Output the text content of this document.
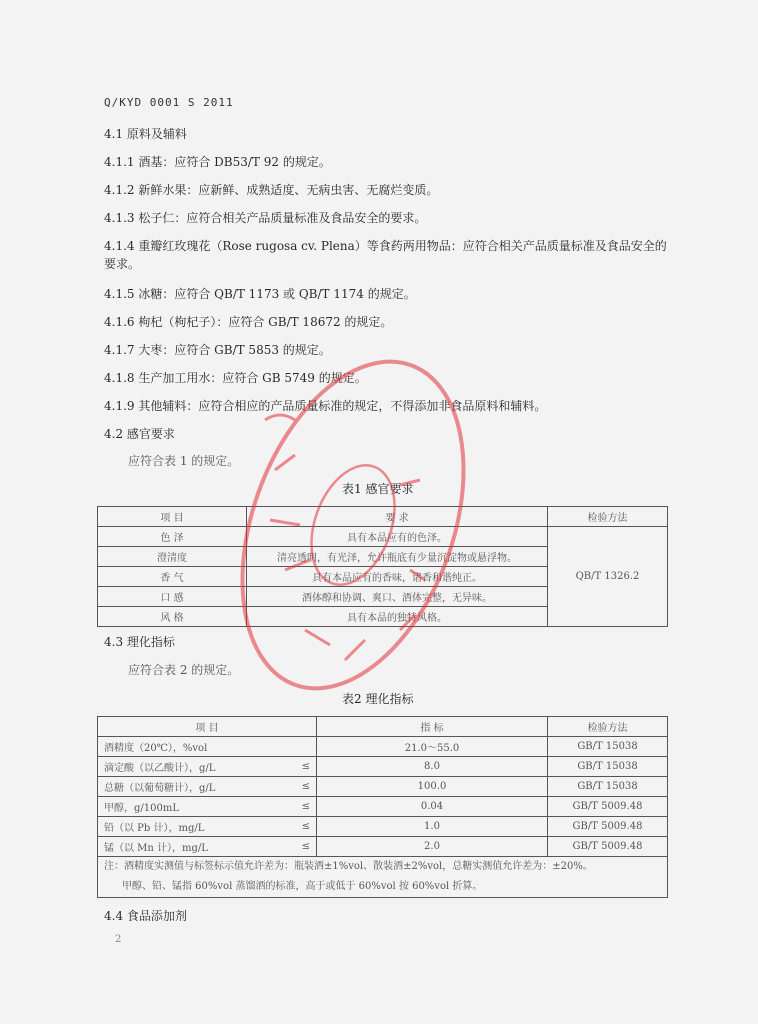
Q/KYD 0001 S 2011
4.1 原料及辅料
4.1.1 酒基：应符合 DB53/T 92 的规定。
4.1.2 新鲜水果：应新鲜、成熟适度、无病虫害、无腐烂变质。
4.1.3 松子仁：应符合相关产品质量标准及食品安全的要求。
4.1.4 重瓣红玫瑰花（Rose rugosa cv. Plena）等食药两用物品：应符合相关产品质量标准及食品安全的要求。
4.1.5 冰糖：应符合 QB/T 1173 或 QB/T 1174 的规定。
4.1.6 枸杞（枸杞子）：应符合 GB/T 18672 的规定。
4.1.7 大枣：应符合 GB/T 5853 的规定。
4.1.8 生产加工用水：应符合 GB 5749 的规定。
4.1.9 其他辅料：应符合相应的产品质量标准的规定，不得添加非食品原料和辅料。
4.2 感官要求
应符合表 1 的规定。
表1 感官要求
项 目	要 求	检验方法
色 泽	具有本品应有的色泽。	QB/T 1326.2
澄清度	清亮透明，有光泽，允许瓶底有少量沉淀物或悬浮物。	
香 气	具有本品应有的香味，诸香和谐纯正。	
口 感	酒体醇和协调、爽口、酒体完整，无异味。	
风 格	具有本品的独特风格。	
4.3 理化指标
应符合表 2 的规定。
表2 理化指标
项 目		指 标	检验方法
酒精度（20℃），%vol		21.0～55.0	GB/T 15038
滴定酸（以乙酸计），g/L	≤	8.0	GB/T 15038
总糖（以葡萄糖计），g/L	≤	100.0	GB/T 15038
甲醇，g/100mL	≤	0.04	GB/T 5009.48
铅（以 Pb 计），mg/L	≤	1.0	GB/T 5009.48
锰（以 Mn 计），mg/L	≤	2.0	GB/T 5009.48

注：酒精度实测值与标签标示值允许差为：瓶装酒±1%vol、散装酒±2%vol，总糖实测值允许差为：±20%。
甲醇、铅、锰指 60%vol 蒸馏酒的标准，高于或低于 60%vol 按 60%vol 折算。			
4.4 食品添加剂
2
